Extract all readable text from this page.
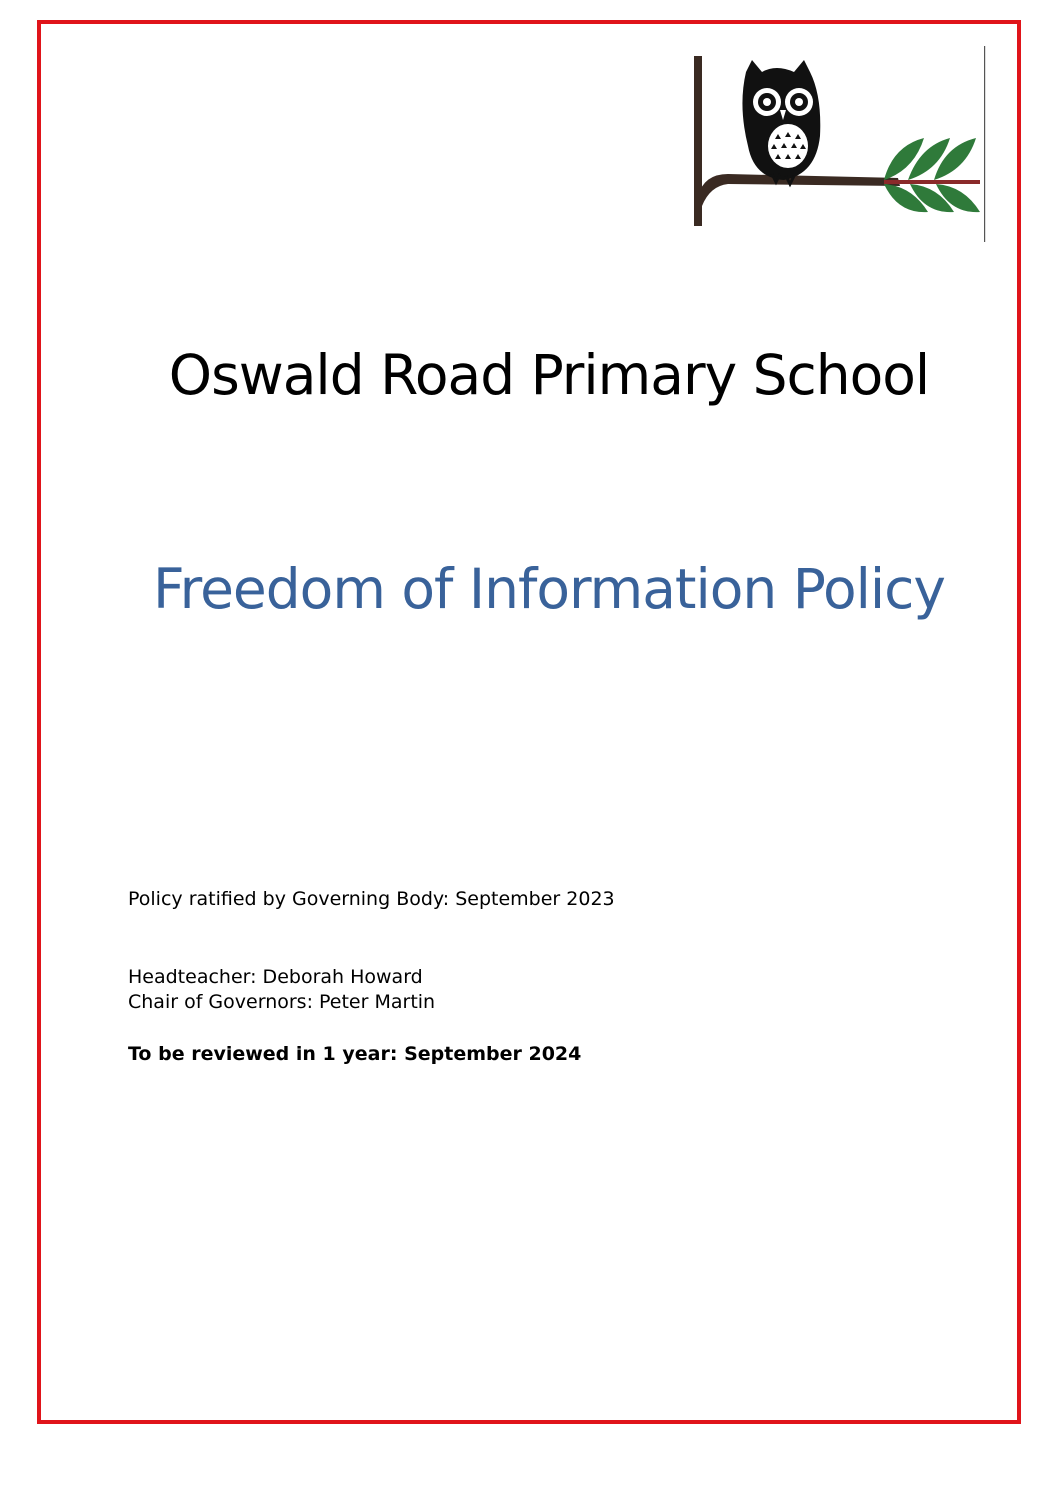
Oswald Road Primary School
Freedom of Information Policy
Policy ratified by Governing Body: September 2023
Headteacher: Deborah Howard
Chair of Governors: Peter Martin
To be reviewed in 1 year: September 2024
